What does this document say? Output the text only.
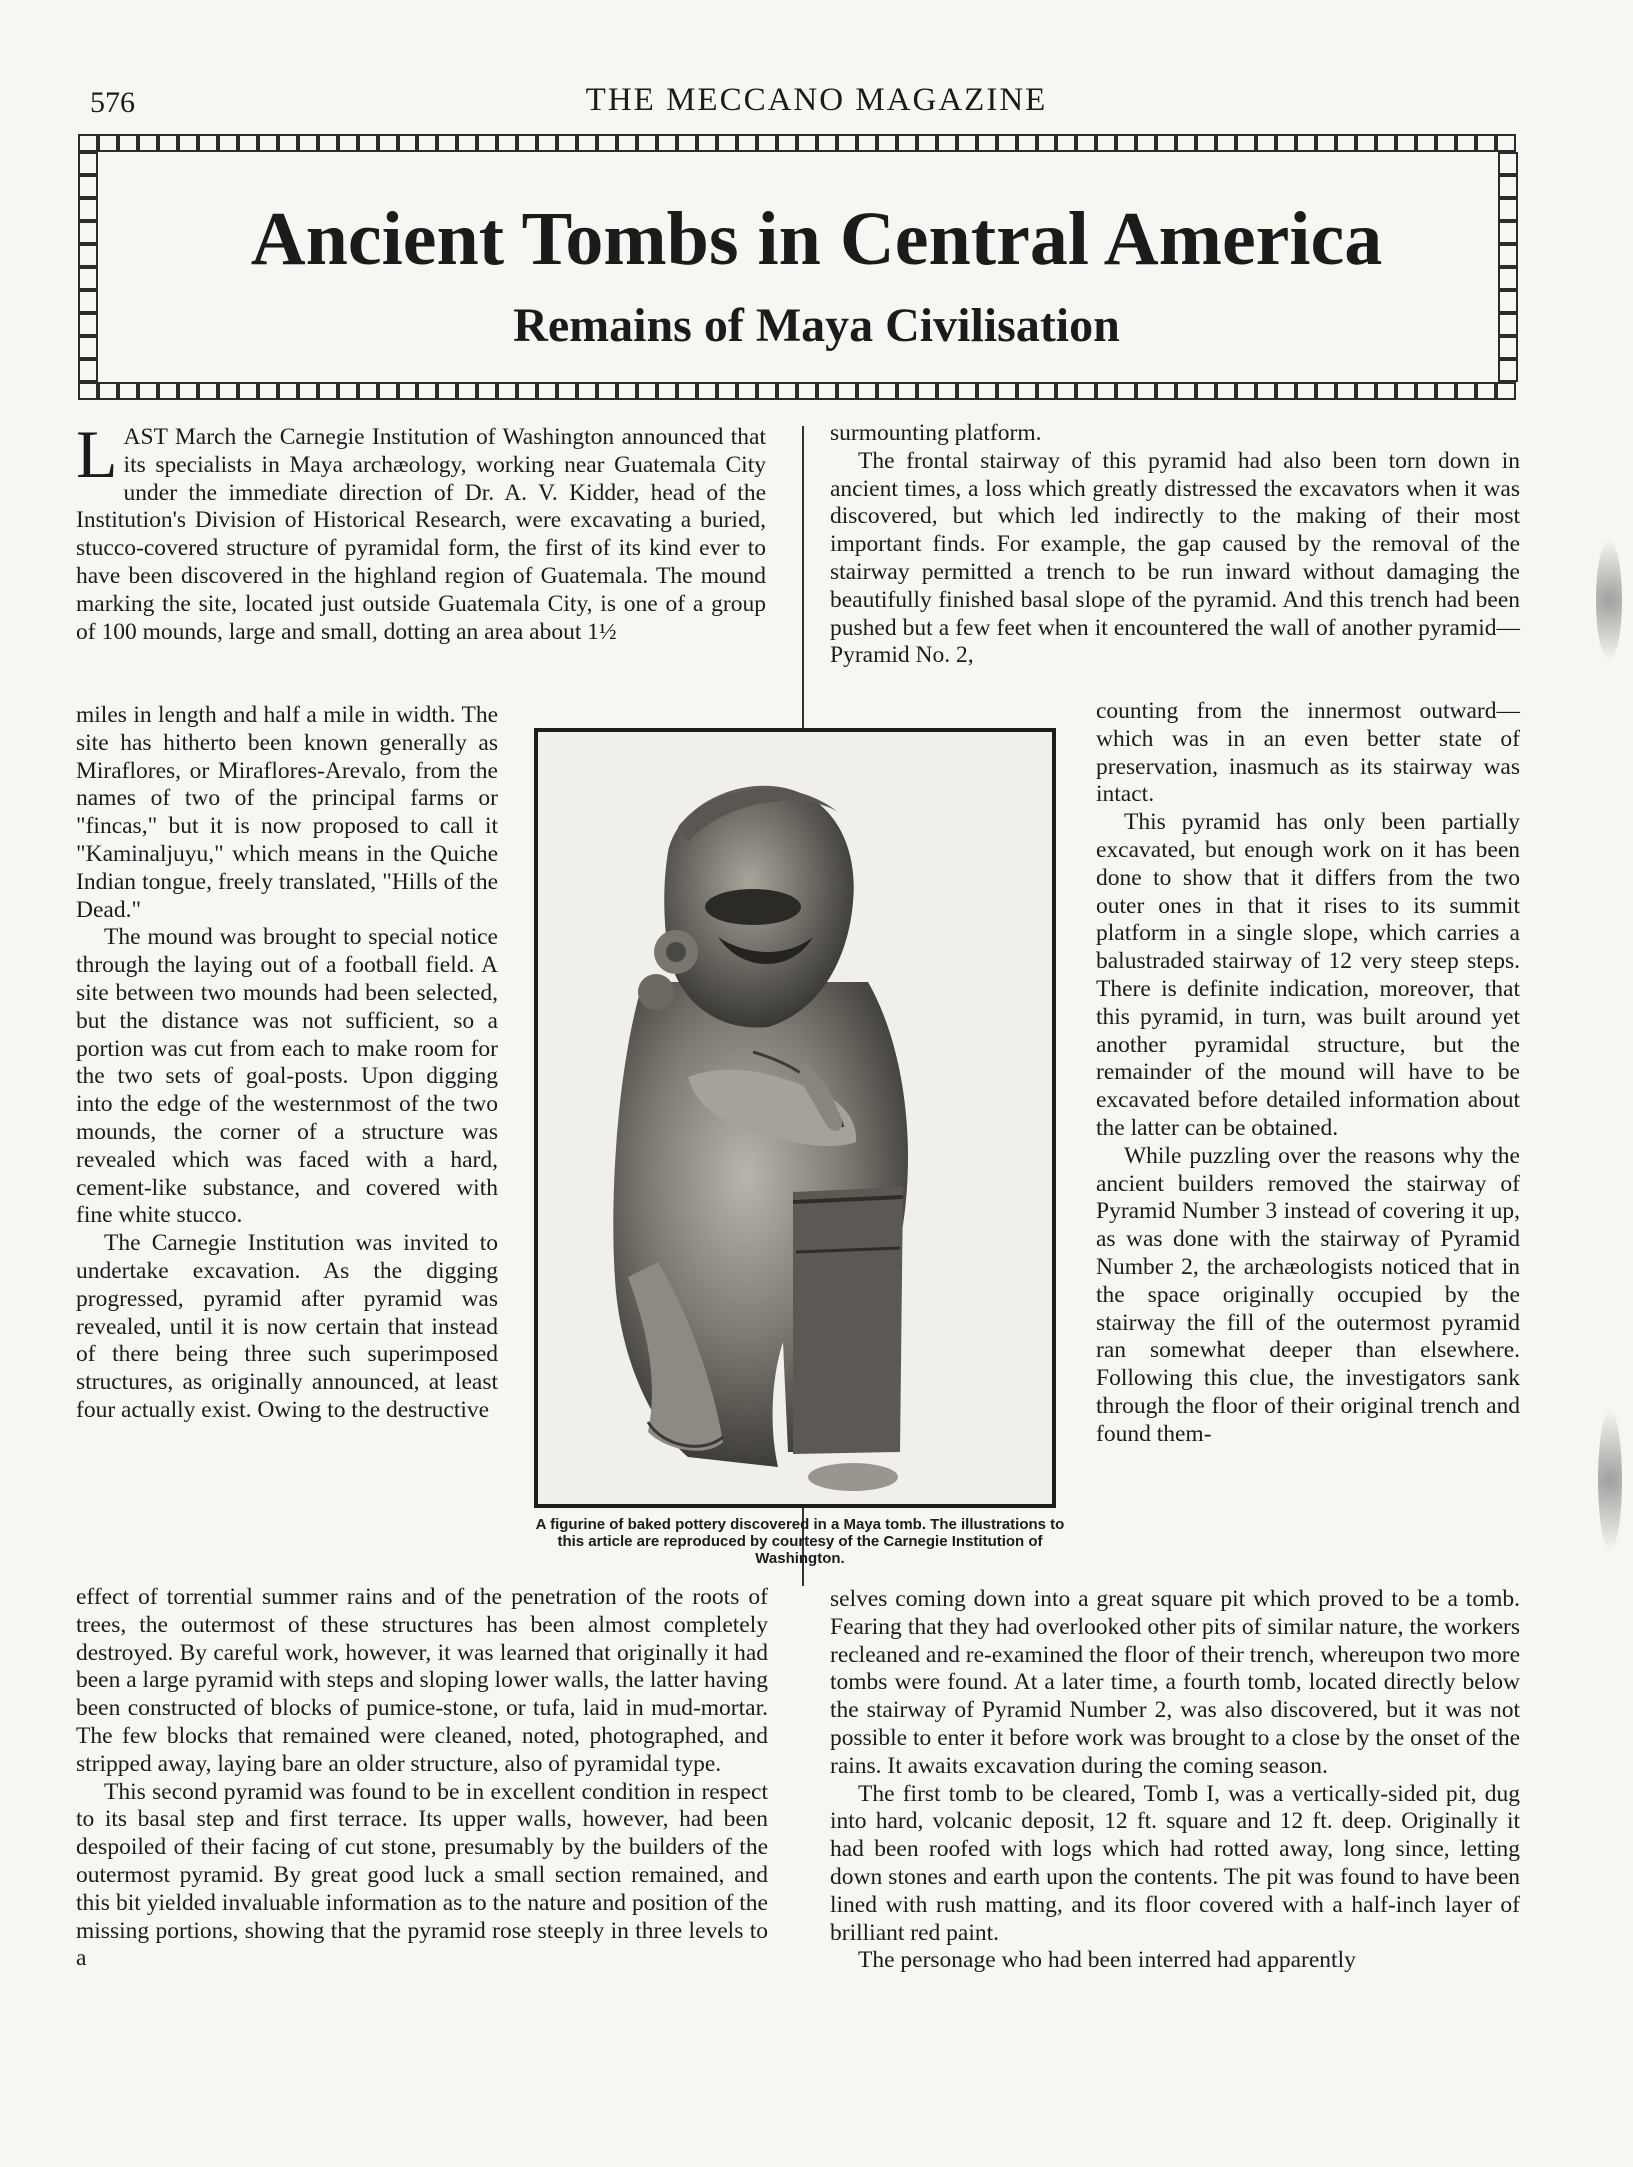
576	THE MECCANO MAGAZINE
Ancient Tombs in Central America
Remains of Maya Civilisation

LAST March the Carnegie Institution of Washington announced that its specialists in Maya archæology, working near Guatemala City under the immediate direction of Dr. A. V. Kidder, head of the Institution's Division of Historical Research, were excavating a buried, stucco-covered structure of pyramidal form, the first of its kind ever to have been discovered in the highland region of Guatemala. The mound marking the site, located just outside Guatemala City, is one of a group of 100 mounds, large and small, dotting an area about 1½

miles in length and half a mile in width. The site has hitherto been known generally as Miraflores, or Miraflores-Arevalo, from the names of two of the principal farms or "fincas," but it is now proposed to call it "Kaminaljuyu," which means in the Quiche Indian tongue, freely translated, "Hills of the Dead."

The mound was brought to special notice through the laying out of a football field. A site between two mounds had been selected, but the distance was not sufficient, so a portion was cut from each to make room for the two sets of goal-posts. Upon digging into the edge of the westernmost of the two mounds, the corner of a structure was revealed which was faced with a hard, cement-like substance, and covered with fine white stucco.

The Carnegie Institution was invited to undertake excavation. As the digging progressed, pyramid after pyramid was revealed, until it is now certain that instead of there being three such superimposed structures, as originally announced, at least four actually exist. Owing to the destructive

effect of torrential summer rains and of the penetration of the roots of trees, the outermost of these structures has been almost completely destroyed. By careful work, however, it was learned that originally it had been a large pyramid with steps and sloping lower walls, the latter having been constructed of blocks of pumice-stone, or tufa, laid in mud-mortar. The few blocks that remained were cleaned, noted, photographed, and stripped away, laying bare an older structure, also of pyramidal type.

This second pyramid was found to be in excellent condition in respect to its basal step and first terrace. Its upper walls, however, had been despoiled of their facing of cut stone, presumably by the builders of the outermost pyramid. By great good luck a small section remained, and this bit yielded invaluable information as to the nature and position of the missing portions, showing that the pyramid rose steeply in three levels to a

surmounting platform.

The frontal stairway of this pyramid had also been torn down in ancient times, a loss which greatly distressed the excavators when it was discovered, but which led indirectly to the making of their most important finds. For example, the gap caused by the removal of the stairway permitted a trench to be run inward without damaging the beautifully finished basal slope of the pyramid. And this trench had been pushed but a few feet when it encountered the wall of another pyramid—Pyramid No. 2,

counting from the innermost outward—which was in an even better state of preservation, inasmuch as its stairway was intact.

This pyramid has only been partially excavated, but enough work on it has been done to show that it differs from the two outer ones in that it rises to its summit platform in a single slope, which carries a balustraded stairway of 12 very steep steps. There is definite indication, moreover, that this pyramid, in turn, was built around yet another pyramidal structure, but the remainder of the mound will have to be excavated before detailed information about the latter can be obtained.

While puzzling over the reasons why the ancient builders removed the stairway of Pyramid Number 3 instead of covering it up, as was done with the stairway of Pyramid Number 2, the archæologists noticed that in the space originally occupied by the stairway the fill of the outermost pyramid ran somewhat deeper than elsewhere. Following this clue, the investigators sank through the floor of their original trench and found them-

selves coming down into a great square pit which proved to be a tomb. Fearing that they had overlooked other pits of similar nature, the workers recleaned and re-examined the floor of their trench, whereupon two more tombs were found. At a later time, a fourth tomb, located directly below the stairway of Pyramid Number 2, was also discovered, but it was not possible to enter it before work was brought to a close by the onset of the rains. It awaits excavation during the coming season.

The first tomb to be cleared, Tomb I, was a vertically-sided pit, dug into hard, volcanic deposit, 12 ft. square and 12 ft. deep. Originally it had been roofed with logs which had rotted away, long since, letting down stones and earth upon the contents. The pit was found to have been lined with rush matting, and its floor covered with a half-inch layer of brilliant red paint.

The personage who had been interred had apparently

A figurine of baked pottery discovered in a Maya tomb. The illustrations to this article are reproduced by courtesy of the Carnegie Institution of Washington.
